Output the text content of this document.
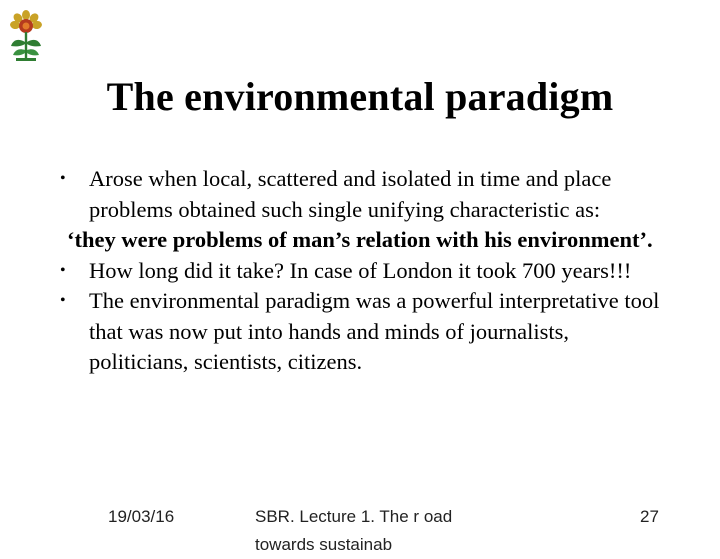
The environmental paradigm

• Arose when local, scattered and isolated in time and place problems obtained such single unifying characteristic as:

‘they were problems of man’s relation with his environment’.

• How long did it take? In case of London it took 700 years!!!

• The environmental paradigm was a powerful interpretative tool that was now put into hands and minds of journalists, politicians, scientists, citizens.

19/03/16	SBR. Lecture 1. The r oad towards sustainab
27
